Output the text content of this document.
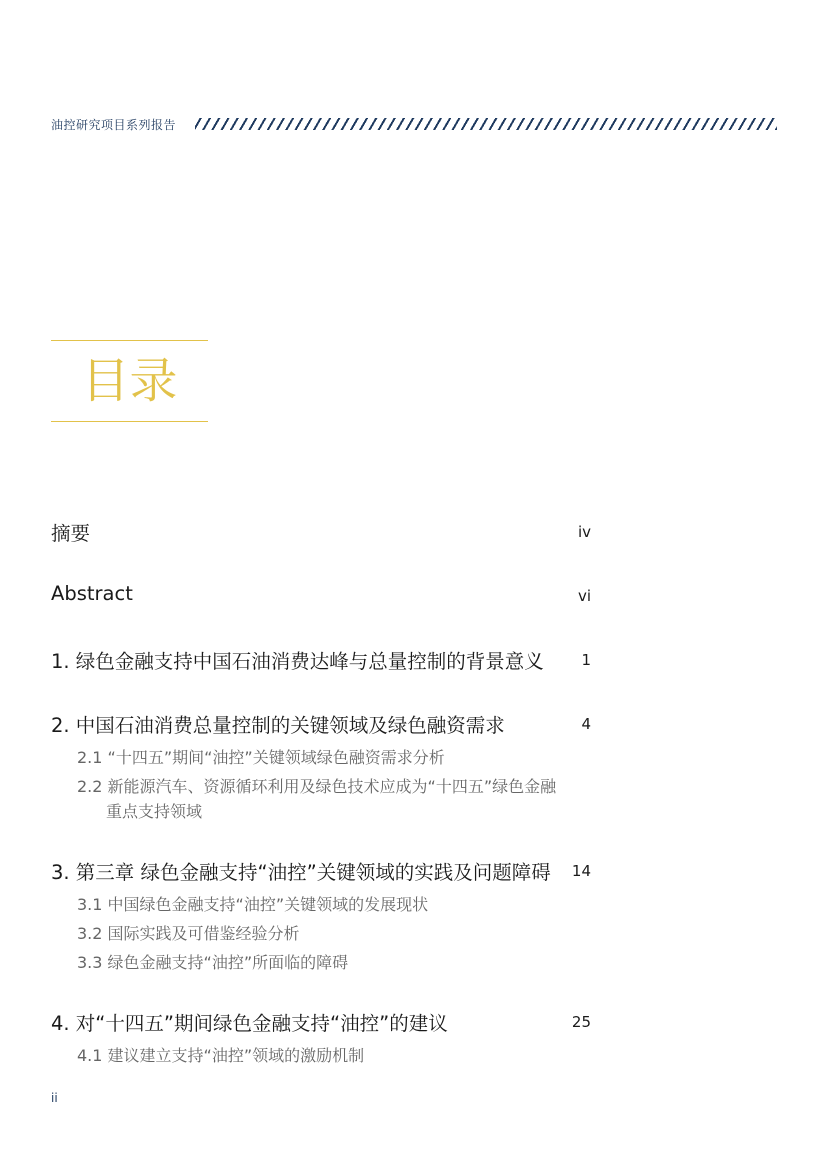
油控研究项目系列报告
目录
摘要	iv
Abstract	vi
1. 绿色金融支持中国石油消费达峰与总量控制的背景意义	1
2. 中国石油消费总量控制的关键领域及绿色融资需求	4
2.1 “十四五”期间“油控”关键领域绿色融资需求分析
2.2 新能源汽车、资源循环利用及绿色技术应成为“十四五”绿色金融
重点支持领域
3. 第三章 绿色金融支持“油控”关键领域的实践及问题障碍	14
3.1 中国绿色金融支持“油控”关键领域的发展现状
3.2 国际实践及可借鉴经验分析
3.3 绿色金融支持“油控”所面临的障碍
4. 对“十四五”期间绿色金融支持“油控”的建议	25
4.1 建议建立支持“油控”领域的激励机制
ii
